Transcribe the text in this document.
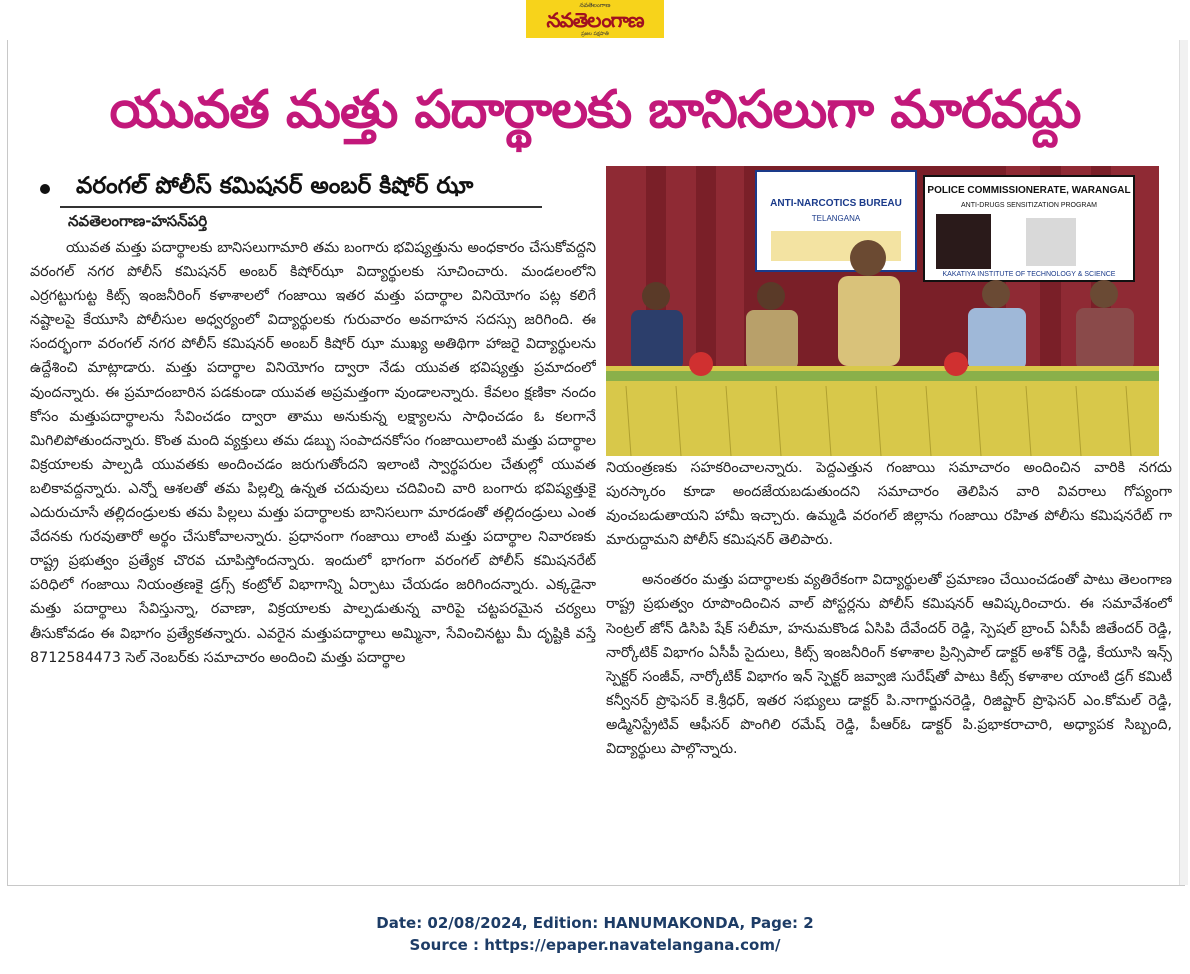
నవతెలంగాణ
నవతెలంగాణ
ప్రజల పక్షపాతి
యువత మత్తు పదార్థాలకు బానిసలుగా మారవద్దు
వరంగల్ పోలీస్ కమిషనర్ అంబర్ కిషోర్ ఝా
నవతెలంగాణ-హసన్‌పర్తి

యువత మత్తు పదార్థాలకు బానిసలుగామారి తమ బంగారు భవిష్యత్తును అంధకారం చేసుకోవద్దని వరంగల్ నగర పోలీస్ కమిషనర్ అంబర్ కిషోర్‌ఝా విద్యార్థులకు సూచించారు. మండలంలోని ఎర్రగట్టుగుట్ట కిట్స్ ఇంజనీరింగ్ కళాశాలలో గంజాయి ఇతర మత్తు పదార్థాల వినియోగం పట్ల కలిగే నష్టాలపై కేయూసి పోలీసుల అధ్వర్యంలో విద్యార్థులకు గురువారం అవగాహన సదస్సు జరిగింది. ఈ సందర్భంగా వరంగల్ నగర పోలీస్ కమిషనర్ అంబర్ కిషోర్ ఝా ముఖ్య అతిథిగా హాజరై విద్యార్థులను ఉద్దేశించి మాట్లాడారు. మత్తు పదార్థాల వినియోగం ద్వారా నేడు యువత భవిష్యత్తు ప్రమాదంలో వుందన్నారు. ఈ ప్రమాదంబారిన పడకుండా యువత అప్రమత్తంగా వుండాలన్నారు. కేవలం క్షణికా నందం కోసం మత్తుపదార్థాలను సేవించడం ద్వారా తాము అనుకున్న లక్ష్యాలను సాధించడం ఓ కలగానే మిగిలిపోతుందన్నారు. కొంత మంది వ్యక్తులు తమ డబ్బు సంపాదనకోసం గంజాయిలాంటి మత్తు పదార్థాల విక్రయాలకు పాల్పడి యువతకు అందించడం జరుగుతోందని ఇలాంటి స్వార్థపరుల చేతుల్లో యువత బలికావద్దన్నారు. ఎన్నో ఆశలతో తమ పిల్లల్ని ఉన్నత చదువులు చదివించి వారి బంగారు భవిష్యత్తుకై ఎదురుచూసే తల్లిదండ్రులకు తమ పిల్లలు మత్తు పదార్థాలకు బానిసలుగా మారడంతో తల్లిదండ్రులు ఎంత వేదనకు గురవుతారో అర్థం చేసుకోవాలన్నారు. ప్రధానంగా గంజాయి లాంటి మత్తు పదార్థాల నివారణకు రాష్ట్ర ప్రభుత్వం ప్రత్యేక చొరవ చూపిస్తోందన్నారు. ఇందులో భాగంగా వరంగల్ పోలీస్ కమిషనరేట్ పరిధిలో గంజాయి నియంత్రణకై డ్రగ్స్ కంట్రోల్ విభాగాన్ని ఏర్పాటు చేయడం జరిగిందన్నారు. ఎక్కడైనా మత్తు పదార్థాలు సేవిస్తున్నా, రవాణా, విక్రయాలకు పాల్పడుతున్న వారిపై చట్టపరమైన చర్యలు తీసుకోవడం ఈ విభాగం ప్రత్యేకతన్నారు. ఎవరైన మత్తుపదార్థాలు అమ్మినా, సేవించినట్టు మీ దృష్టికి వస్తే 8712584473 సెల్ నెంబర్‌కు సమాచారం అందించి మత్తు పదార్థాల

ANTI-NARCOTICS BUREAU
TELANGANA
POLICE COMMISSIONERATE, WARANGAL
ANTI-DRUGS SENSITIZATION PROGRAM
KAKATIYA INSTITUTE OF TECHNOLOGY & SCIENCE

నియంత్రణకు సహకరించాలన్నారు. పెద్దఎత్తున గంజాయి సమాచారం అందించిన వారికి నగదు పురస్కారం కూడా అందజేయబడుతుందని సమాచారం తెలిపిన వారి వివరాలు గోప్యంగా వుంచబడుతాయని హామీ ఇచ్చారు. ఉమ్మడి వరంగల్ జిల్లాను గంజాయి రహిత పోలీసు కమిషనరేట్ గా మారుద్దామని పోలీస్ కమిషనర్ తెలిపారు.

అనంతరం మత్తు పదార్థాలకు వ్యతిరేకంగా విద్యార్థులతో ప్రమాణం చేయించడంతో పాటు తెలంగాణ రాష్ట్ర ప్రభుత్వం రూపొందించిన వాల్ పోస్టర్లను పోలీస్ కమిషనర్ ఆవిష్కరించారు. ఈ సమావేశంలో సెంట్రల్ జోన్ డిసిపి షేక్ సలీమా, హనుమకొండ ఏసిపి దేవేందర్ రెడ్డి, స్పెషల్ బ్రాంచ్ ఏసీపీ జితేందర్ రెడ్డి, నార్కోటిక్ విభాగం ఏసీపీ సైదులు, కిట్స్ ఇంజనీరింగ్ కళాశాల ప్రిన్సిపాల్ డాక్టర్ అశోక్ రెడ్డి, కేయూసి ఇన్స్ స్పెక్టర్ సంజీవ్, నార్కోటిక్ విభాగం ఇన్ స్పెక్టర్ జవ్వాజి సురేష్‌తో పాటు కిట్స్ కళాశాల యాంటి డ్రగ్ కమిటీ కన్వీనర్ ప్రొఫెసర్ కె.శ్రీధర్, ఇతర సభ్యులు డాక్టర్ పి.నాగార్జునరెడ్డి, రిజిష్టార్ ప్రొఫెసర్ ఎం.కోమల్ రెడ్డి, అడ్మినిస్ట్రేటివ్ ఆఫీసర్ పొంగిలి రమేష్ రెడ్డి, పీఆర్‌ఓ డాక్టర్ పి.ప్రభాకరాచారి, అధ్యాపక సిబ్బంది, విద్యార్థులు పాల్గొన్నారు.

Date: 02/08/2024, Edition: HANUMAKONDA, Page: 2
Source : https://epaper.navatelangana.com/
